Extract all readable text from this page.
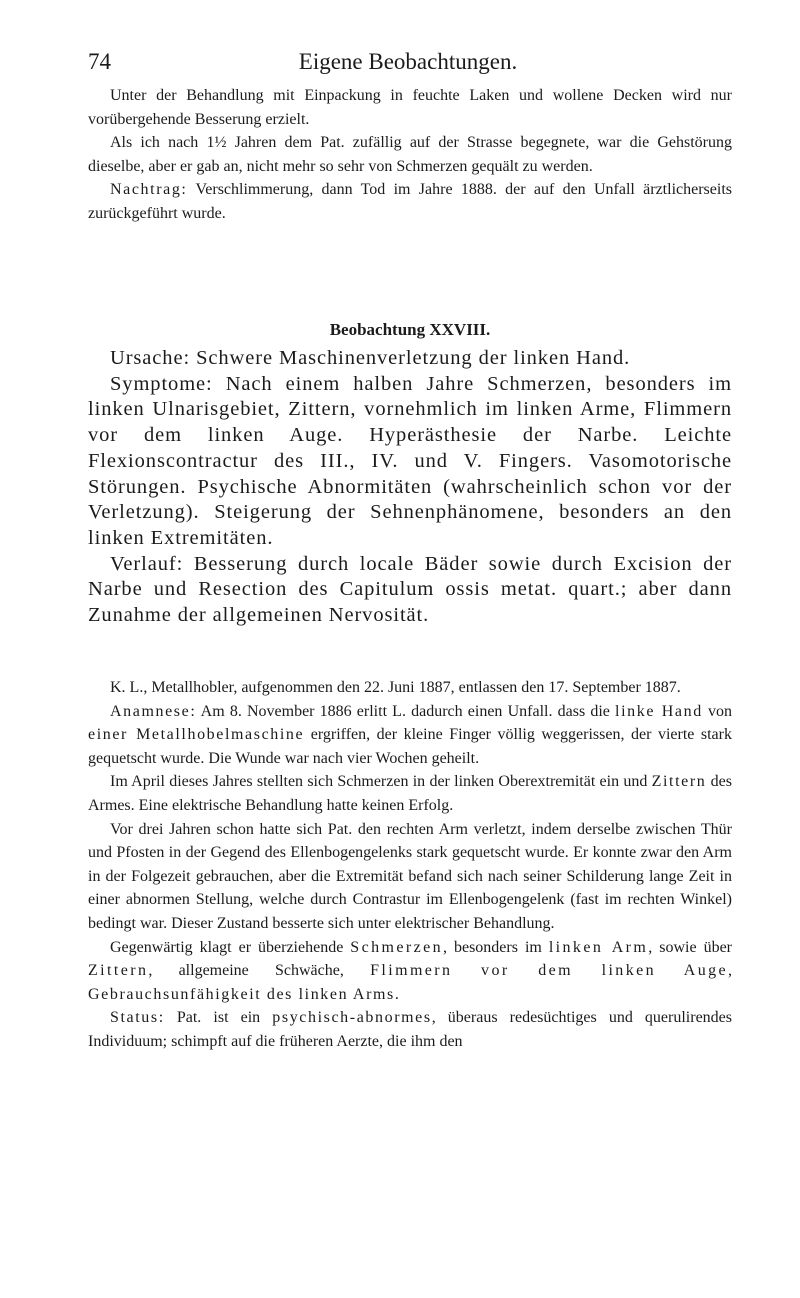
74	Eigene Beobachtungen.

Unter der Behandlung mit Einpackung in feuchte Laken und wollene Decken wird nur vorübergehende Besserung erzielt.

Als ich nach 1½ Jahren dem Pat. zufällig auf der Strasse begegnete, war die Gehstörung dieselbe, aber er gab an, nicht mehr so sehr von Schmerzen gequält zu werden.

Nachtrag: Verschlimmerung, dann Tod im Jahre 1888. der auf den Unfall ärztlicherseits zurückgeführt wurde.

Beobachtung XXVIII.

Ursache: Schwere Maschinenverletzung der linken Hand.

Symptome: Nach einem halben Jahre Schmerzen, besonders im linken Ulnarisgebiet, Zittern, vornehmlich im linken Arme, Flimmern vor dem linken Auge. Hyperästhesie der Narbe. Leichte Flexionscontractur des III., IV. und V. Fingers. Vasomotorische Störungen. Psychische Abnormitäten (wahrscheinlich schon vor der Verletzung). Steigerung der Sehnenphänomene, besonders an den linken Extremitäten.

Verlauf: Besserung durch locale Bäder sowie durch Excision der Narbe und Resection des Capitulum ossis metat. quart.; aber dann Zunahme der allgemeinen Nervosität.

K. L., Metallhobler, aufgenommen den 22. Juni 1887, entlassen den 17. September 1887.

Anamnese: Am 8. November 1886 erlitt L. dadurch einen Unfall. dass die linke Hand von einer Metallhobelmaschine ergriffen, der kleine Finger völlig weggerissen, der vierte stark gequetscht wurde. Die Wunde war nach vier Wochen geheilt.

Im April dieses Jahres stellten sich Schmerzen in der linken Oberextremität ein und Zittern des Armes. Eine elektrische Behandlung hatte keinen Erfolg.

Vor drei Jahren schon hatte sich Pat. den rechten Arm verletzt, indem derselbe zwischen Thür und Pfosten in der Gegend des Ellenbogengelenks stark gequetscht wurde. Er konnte zwar den Arm in der Folgezeit gebrauchen, aber die Extremität befand sich nach seiner Schilderung lange Zeit in einer abnormen Stellung, welche durch Contrastur im Ellenbogengelenk (fast im rechten Winkel) bedingt war. Dieser Zustand besserte sich unter elektrischer Behandlung.

Gegenwärtig klagt er überziehende Schmerzen, besonders im linken Arm, sowie über Zittern, allgemeine Schwäche, Flimmern vor dem linken Auge, Gebrauchsunfähigkeit des linken Arms.

Status: Pat. ist ein psychisch-abnormes, überaus redesüchtiges und querulirendes Individuum; schimpft auf die früheren Aerzte, die ihm den
